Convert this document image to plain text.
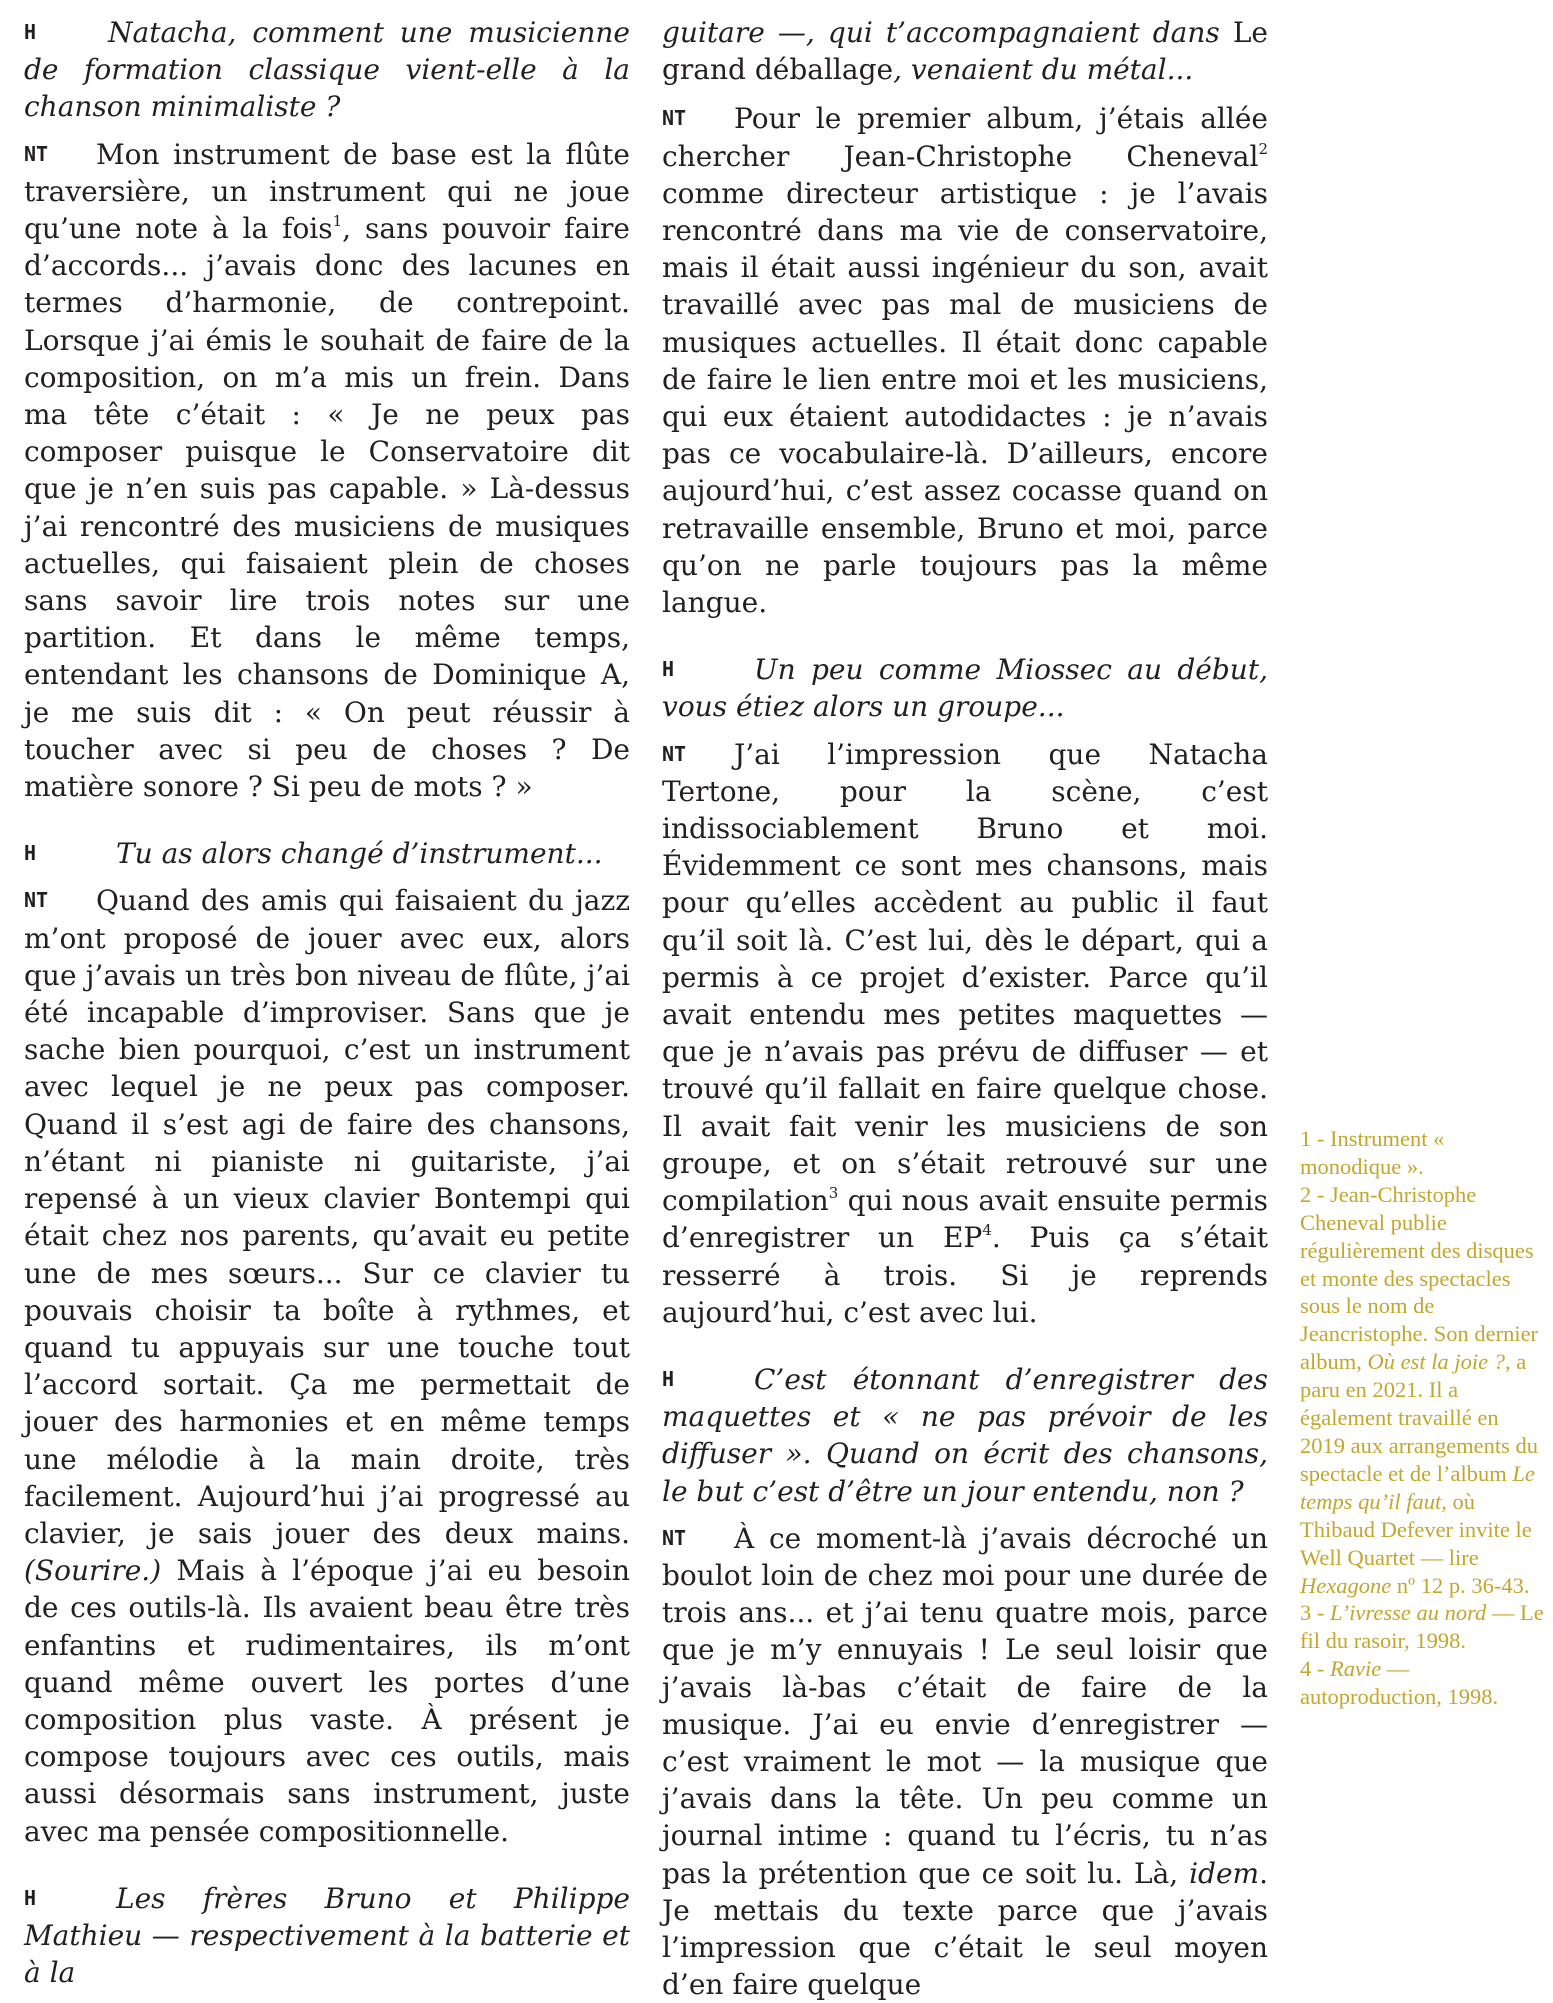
H	Natacha, comment une musicienne de formation classique vient-elle à la chanson minimaliste ?

NT Mon instrument de base est la flûte traversière, un instrument qui ne joue qu’une note à la fois$^1$, sans pouvoir faire d’accords... j’avais donc des lacunes en termes d’harmonie, de contrepoint. Lorsque j’ai émis le souhait de faire de la composition, on m’a mis un frein. Dans ma tête c’était : « Je ne peux pas composer puisque le Conservatoire dit que je n’en suis pas capable. » Là-dessus j’ai rencontré des musiciens de musiques actuelles, qui faisaient plein de choses sans savoir lire trois notes sur une partition. Et dans le même temps, entendant les chansons de Dominique A, je me suis dit : « On peut réussir à toucher avec si peu de choses ? De matière sonore ? Si peu de mots ? »

H	Tu as alors changé d’instrument...

NT Quand des amis qui faisaient du jazz m’ont proposé de jouer avec eux, alors que j’avais un très bon niveau de flûte, j’ai été incapable d’improviser. Sans que je sache bien pourquoi, c’est un instrument avec lequel je ne peux pas composer. Quand il s’est agi de faire des chansons, n’étant ni pianiste ni guitariste, j’ai repensé à un vieux clavier Bontempi qui était chez nos parents, qu’avait eu petite une de mes sœurs... Sur ce clavier tu pouvais choisir ta boîte à rythmes, et quand tu appuyais sur une touche tout l’accord sortait. Ça me permettait de jouer des harmonies et en même temps une mélodie à la main droite, très facilement. Aujourd’hui j’ai progressé au clavier, je sais jouer des deux mains. (Sourire.) Mais à l’époque j’ai eu besoin de ces outils-là. Ils avaient beau être très enfantins et rudimentaires, ils m’ont quand même ouvert les portes d’une composition plus vaste. À présent je compose toujours avec ces outils, mais aussi désormais sans instrument, juste avec ma pensée compositionnelle.

H	Les frères Bruno et Philippe Mathieu — respectivement à la batterie et à la

guitare —, qui t’accompagnaient dans Le grand déballage, venaient du métal...

NT Pour le premier album, j’étais allée chercher Jean-Christophe Cheneval$^2$ comme directeur artistique : je l’avais rencontré dans ma vie de conservatoire, mais il était aussi ingénieur du son, avait travaillé avec pas mal de musiciens de musiques actuelles. Il était donc capable de faire le lien entre moi et les musiciens, qui eux étaient autodidactes : je n’avais pas ce vocabulaire-là. D’ailleurs, encore aujourd’hui, c’est assez cocasse quand on retravaille ensemble, Bruno et moi, parce qu’on ne parle toujours pas la même langue.

H	Un peu comme Miossec au début, vous étiez alors un groupe...

NT J’ai l’impression que Natacha Tertone, pour la scène, c’est indissociablement Bruno et moi. Évidemment ce sont mes chansons, mais pour qu’elles accèdent au public il faut qu’il soit là. C’est lui, dès le départ, qui a permis à ce projet d’exister. Parce qu’il avait entendu mes petites maquettes — que je n’avais pas prévu de diffuser — et trouvé qu’il fallait en faire quelque chose. Il avait fait venir les musiciens de son groupe, et on s’était retrouvé sur une compilation$^3$ qui nous avait ensuite permis d’enregistrer un $EP^4$. Puis ça s’était resserré à trois. Si je reprends aujourd’hui, c’est avec lui.

H	C’est étonnant d’enregistrer des maquettes et « ne pas prévoir de les diffuser ». Quand on écrit des chansons, le but c’est d’être un jour entendu, non ?

NT À ce moment-là j’avais décroché un boulot loin de chez moi pour une durée de trois ans... et j’ai tenu quatre mois, parce que je m’y ennuyais ! Le seul loisir que j’avais là-bas c’était de faire de la musique. J’ai eu envie d’enregistrer — c’est vraiment le mot — la musique que j’avais dans la tête. Un peu comme un journal intime : quand tu l’écris, tu n’as pas la prétention que ce soit lu. Là, idem. Je mettais du texte parce que j’avais l’impression que c’était le seul moyen d’en faire quelque

1 - Instrument « monodique ».

2 - Jean-Christophe Cheneval publie régulièrement des disques et monte des spectacles sous le nom de Jeancristophe. Son dernier album, Où est la joie ?, a paru en 2021. Il a également travaillé en 2019 aux arrangements du spectacle et de l’album Le temps qu’il faut, où Thibaud Defever invite le Well Quartet — lire Hexagone nº 12 p. 36-43.

3 - L’ivresse au nord — Le fil du rasoir, 1998.

4 - Ravie — autoproduction, 1998.
